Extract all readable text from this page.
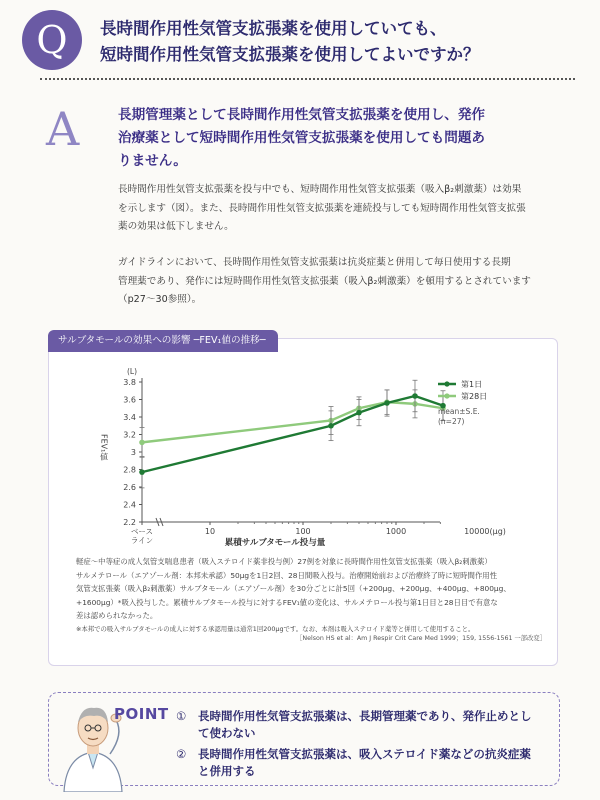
Q	長時間作用性気管支拡張薬を使用していても、
短時間作用性気管支拡張薬を使用してよいですか？
A	長期管理薬として長時間作用性気管支拡張薬を使用し、発作
治療薬として短時間作用性気管支拡張薬を使用しても問題あ
りません。
長時間作用性気管支拡張薬を投与中でも、短時間作用性気管支拡張薬（吸入β₂刺激薬）は効果
を示します（図）。また、長時間作用性気管支拡張薬を連続投与しても短時間作用性気管支拡張
薬の効果は低下しません。
ガイドラインにおいて、長時間作用性気管支拡張薬は抗炎症薬と併用して毎日使用する長期
管理薬であり、発作には短時間作用性気管支拡張薬（吸入β₂刺激薬）を頓用するとされています
（p27〜30参照）。
サルブタモールの効果への影響 ─FEV₁値の推移─
2.2
2.4
2.6
2.8
3
3.2
3.4
3.6
3.8
(L)
FEV₁値
ベース
ライン
10	100	1000	10000(μg)
累積サルブタモール投与量
第1日
第28日
mean±S.E.
(n=27)
軽症〜中等症の成人気管支喘息患者（吸入ステロイド薬非投与例）27例を対象に長時間作用性気管支拡張薬（吸入β₂刺激薬）
サルメテロール（エアゾール剤：本邦未承認）50μgを1日2回、28日間吸入投与。治療開始前および治療終了時に短時間作用性
気管支拡張薬（吸入β₂刺激薬）サルブタモール（エアゾール剤）を30分ごとに計5回（+200μg、+200μg、+400μg、+800μg、
+1600μg）*吸入投与した。累積サルブタモール投与に対するFEV₁値の変化は、サルメテロール投与第1日目と28日目で有意な
差は認められなかった。
※本邦での吸入サルブタモールの成人に対する承認用量は通常1回200μgです。なお、本剤は吸入ステロイド薬等と併用して使用すること。
［Nelson HS et al：Am J Respir Crit Care Med 1999；159, 1556-1561 一部改変］
POINT ① 長時間作用性気管支拡張薬は、長期管理薬であり、発作止めとし
て使わない
② 長時間作用性気管支拡張薬は、吸入ステロイド薬などの抗炎症薬
と併用する
